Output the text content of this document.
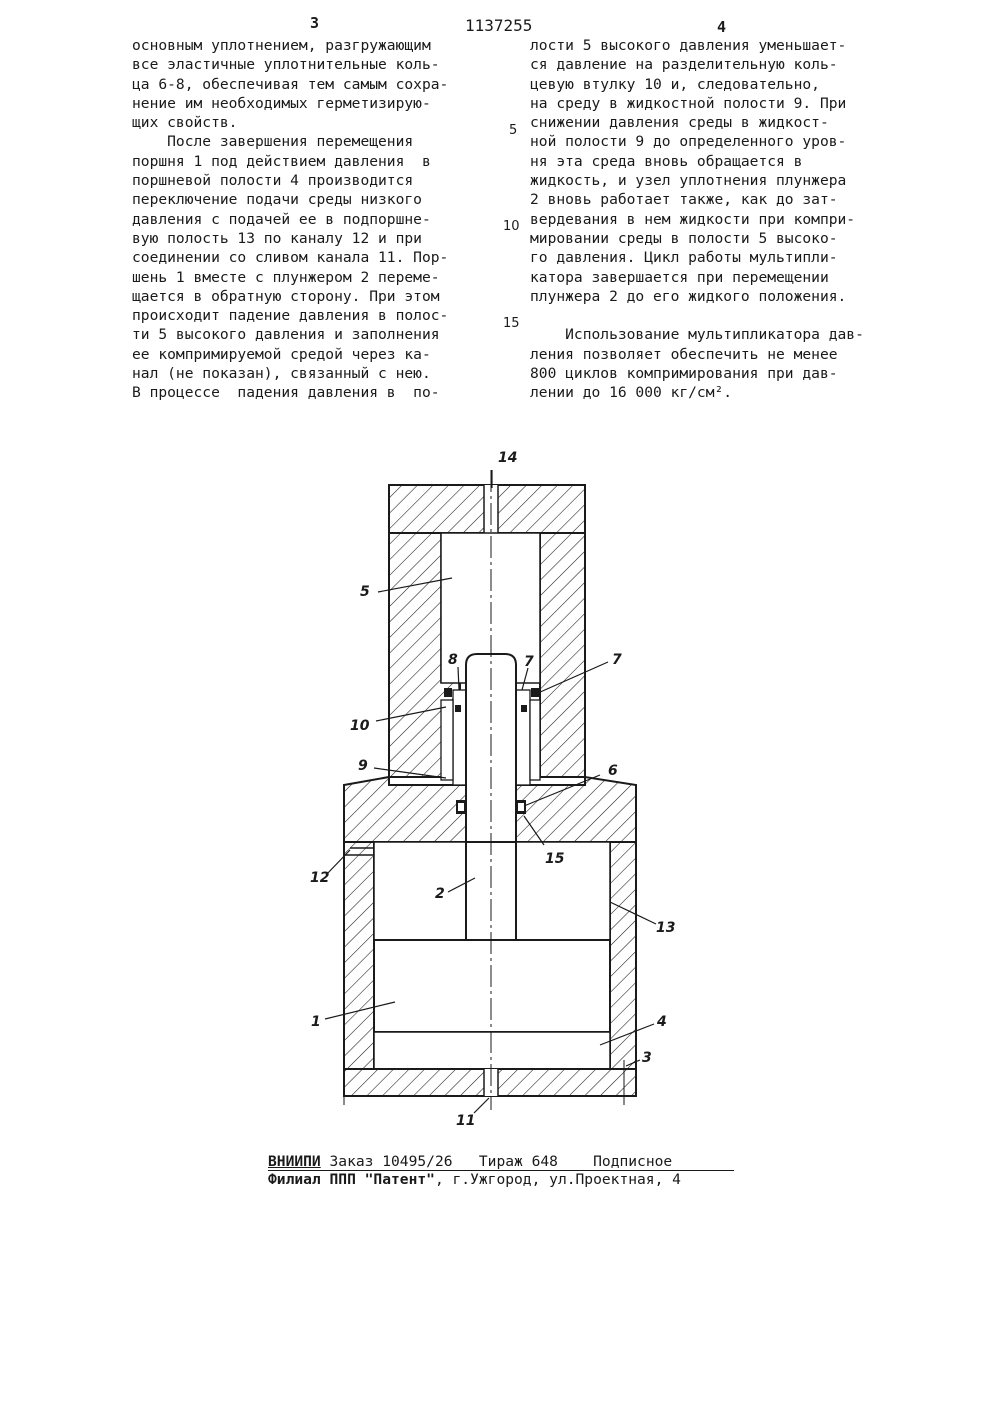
3	1137255	4
основным уплотнением, разгружающим
все эластичные уплотнительные коль-
ца 6-8, обеспечивая тем самым сохра-
нение им необходимых герметизирую-
щих свойств.
После завершения перемещения
поршня 1 под действием давления  в
поршневой полости 4 производится
переключение подачи среды низкого
давления с подачей ее в подпоршне-
вую полость 13 по каналу 12 и при
соединении со сливом канала 11. Пор-
шень 1 вместе с плунжером 2 переме-
щается в обратную сторону. При этом
происходит падение давления в полос-
ти 5 высокого давления и заполнения
ее компримируемой средой через ка-
нал (не показан), связанный с нею.
В процессе  падения давления в  по-
лости 5 высокого давления уменьшает-
ся давление на разделительную коль-
цевую втулку 10 и, следовательно,
на среду в жидкостной полости 9. При
снижении давления среды в жидкост-
ной полости 9 до определенного уров-
ня эта среда вновь обращается в
жидкость, и узел уплотнения плунжера
2 вновь работает также, как до зат-
вердевания в нем жидкости при компри-
мировании среды в полости 5 высоко-
го давления. Цикл работы мультипли-
катора завершается при перемещении
плунжера 2 до его жидкого положения.
Использование мультипликатора дав-
ления позволяет обеспечить не менее
800 циклов компримирования при дав-
лении до 16 000 кг/см².
5
10
15
14
5
8	7	7
10
9	6
15
12
2
13
1	4
3
11
ВНИИПИ Заказ 10495/26 Тираж 648 Подписное
Филиал ППП "Патент", г.Ужгород, ул.Проектная, 4
